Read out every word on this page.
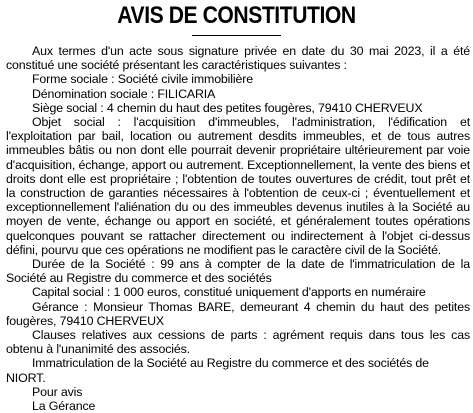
AVIS DE CONSTITUTION

Aux termes d'un acte sous signature privée en date du 30 mai 2023, il a été constitué une société présentant les caractéristiques suivantes :

Forme sociale : Société civile immobilière

Dénomination sociale : FILICARIA

Siège social : 4 chemin du haut des petites fougères, 79410 CHERVEUX

Objet social : l'acquisition d'immeubles, l'administration, l'édification et l'exploitation par bail, location ou autrement desdits immeubles, et de tous autres immeubles bâtis ou non dont elle pourrait devenir propriétaire ultérieurement par voie d'acquisition, échange, apport ou autrement. Exceptionnellement, la vente des biens et droits dont elle est propriétaire ; l'obtention de toutes ouvertures de crédit, tout prêt et la construction de garanties nécessaires à l'obtention de ceux-ci ; éventuellement et exceptionnellement l'aliénation du ou des immeubles devenus inutiles à la Société au moyen de vente, échange ou apport en société, et généralement toutes opérations quelconques pouvant se rattacher directement ou indirectement à l'objet ci-dessus défini, pourvu que ces opérations ne modifient pas le caractère civil de la Société.

Durée de la Société : 99 ans à compter de la date de l'immatriculation de la Société au Registre du commerce et des sociétés

Capital social : 1 000 euros, constitué uniquement d'apports en numéraire

Gérance : Monsieur Thomas BARE, demeurant 4 chemin du haut des petites fougères, 79410 CHERVEUX

Clauses relatives aux cessions de parts : agrément requis dans tous les cas obtenu à l'unanimité des associés.

Immatriculation de la Société au Registre du commerce et des sociétés de NIORT.

Pour avis

La Gérance
